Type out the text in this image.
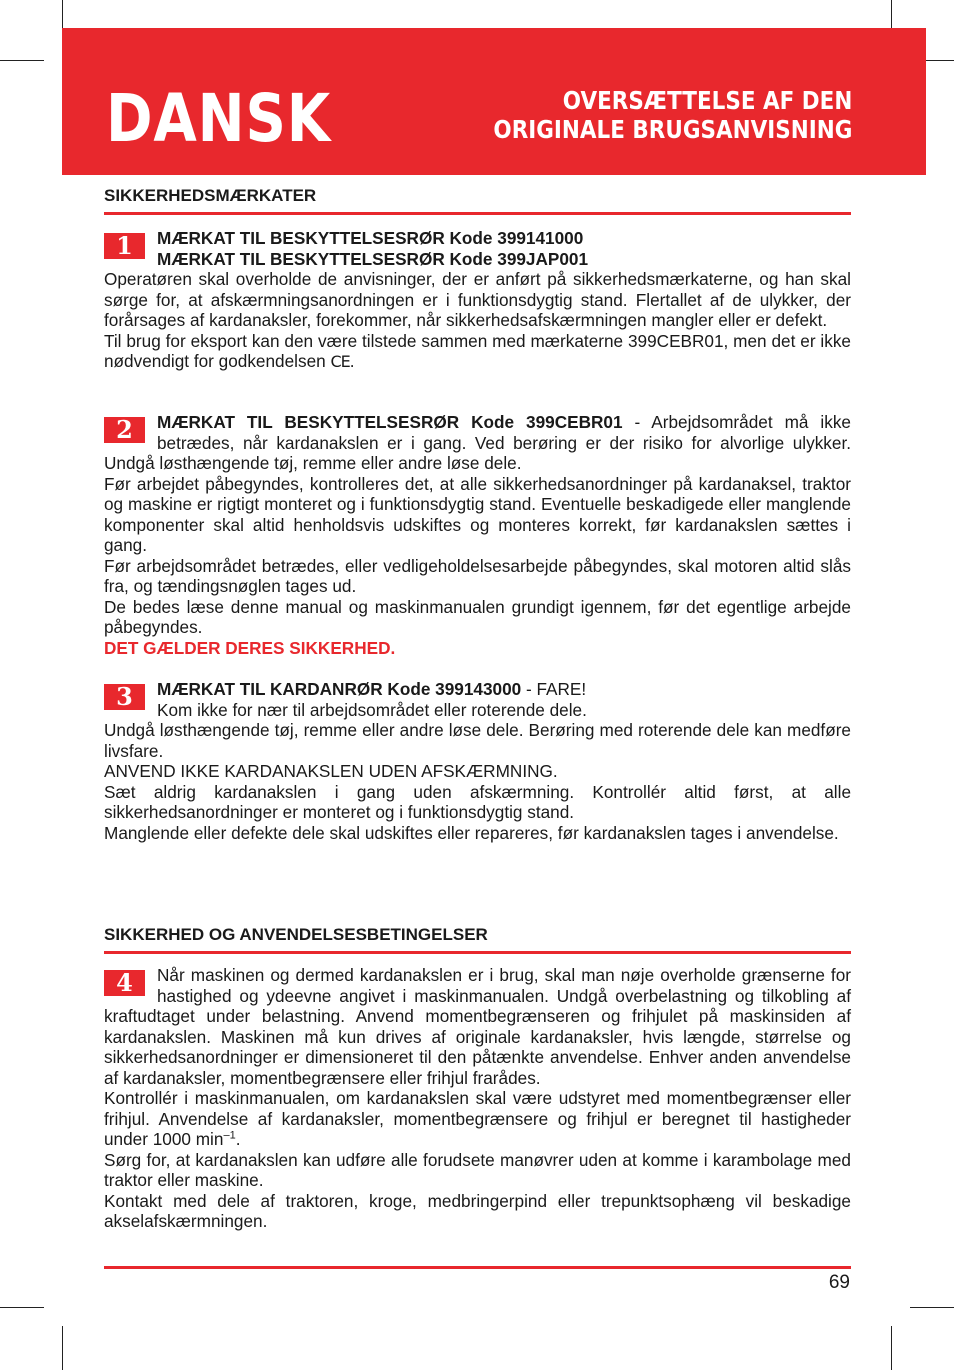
DANSK	OVERSÆTTELSE AF DEN
ORIGINALE BRUGSANVISNING
SIKKERHEDSMÆRKATER
1	MÆRKAT TIL BESKYTTELSESRØR Kode 399141000

MÆRKAT TIL BESKYTTELSESRØR Kode 399JAP001

Operatøren skal overholde de anvisninger, der er anført på sikkerhedsmærkaterne, og han skal sørge for, at afskærmningsanordningen er i funktionsdygtig stand. Flertallet af de ulykker, der forårsages af kardanaksler, forekommer, når sikkerhedsafskærmningen mangler eller er defekt.

Til brug for eksport kan den være tilstede sammen med mærkaterne 399CEBR01, men det er ikke nødvendigt for godkendelsen CE.

2	MÆRKAT TIL BESKYTTELSESRØR Kode 399CEBR01 - Arbejdsområdet må ikke betrædes, når kardanakslen er i gang. Ved berøring er der risiko for alvorlige ulykker. Undgå løsthængende tøj, remme eller andre løse dele.

Før arbejdet påbegyndes, kontrolleres det, at alle sikkerhedsanordninger på kardanaksel, traktor og maskine er rigtigt monteret og i funktionsdygtig stand. Eventuelle beskadigede eller manglende komponenter skal altid henholdsvis udskiftes og monteres korrekt, før kardanakslen sættes i gang.

Før arbejdsområdet betrædes, eller vedligeholdelsesarbejde påbegyndes, skal motoren altid slås fra, og tændingsnøglen tages ud.

De bedes læse denne manual og maskinmanualen grundigt igennem, før det egentlige arbejde påbegyndes.

DET GÆLDER DERES SIKKERHED.

3	MÆRKAT TIL KARDANRØR Kode 399143000 - FARE!

Kom ikke for nær til arbejdsområdet eller roterende dele.

Undgå løsthængende tøj, remme eller andre løse dele. Berøring med roterende dele kan medføre livsfare.

ANVEND IKKE KARDANAKSLEN UDEN AFSKÆRMNING.

Sæt aldrig kardanakslen i gang uden afskærmning. Kontrollér altid først, at alle sikkerhedsanordninger er monteret og i funktionsdygtig stand.

Manglende eller defekte dele skal udskiftes eller repareres, før kardanakslen tages i anvendelse.

SIKKERHED OG ANVENDELSESBETINGELSER
4	Når maskinen og dermed kardanakslen er i brug, skal man nøje overholde grænserne for hastighed og ydeevne angivet i maskinmanualen. Undgå overbelastning og tilkobling af kraftudtaget under belastning. Anvend momentbegrænseren og frihjulet på maskinsiden af kardanakslen. Maskinen må kun drives af originale kardanaksler, hvis længde, størrelse og sikkerhedsanordninger er dimensioneret til den påtænkte anvendelse. Enhver anden anvendelse af kardanaksler, momentbegrænsere eller frihjul frarådes.

Kontrollér i maskinmanualen, om kardanakslen skal være udstyret med momentbegrænser eller frihjul. Anvendelse af kardanaksler, momentbegrænsere og frihjul er beregnet til hastigheder under 1000 $\min^{-1}$.

Sørg for, at kardanakslen kan udføre alle forudsete manøvrer uden at komme i karambolage med traktor eller maskine.

Kontakt med dele af traktoren, kroge, medbringerpind eller trepunktsophæng vil beskadige akselafskærmningen.

69
